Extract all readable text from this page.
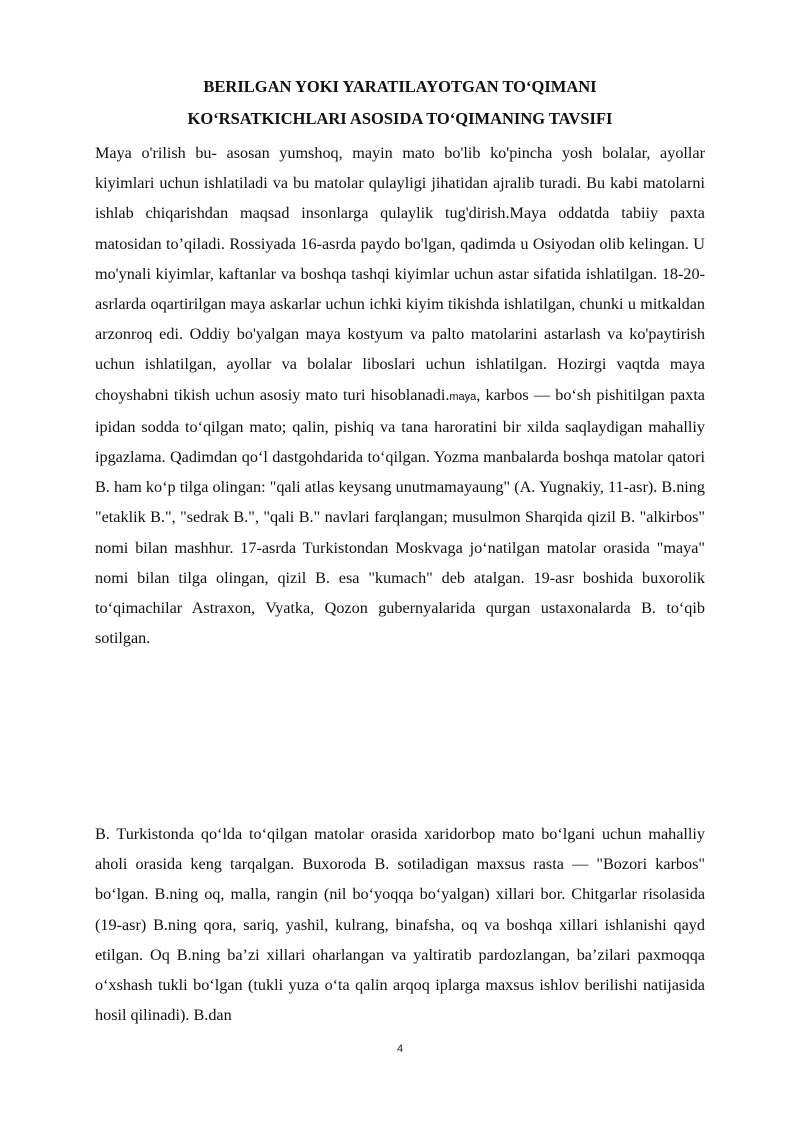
BERILGAN YOKI YARATILAYOTGAN TO‘QIMANI
KO‘RSATKICHLARI ASOSIDA TO‘QIMANING TAVSIFI

Maya o'rilish bu- asosan yumshoq, mayin mato bo'lib ko'pincha yosh bolalar, ayollar kiyimlari uchun ishlatiladi va bu matolar qulayligi jihatidan ajralib turadi. Bu kabi matolarni ishlab chiqarishdan maqsad insonlarga qulaylik tug'dirish.Maya oddatda tabiiy paxta matosidan to’qiladi. Rossiyada 16-asrda paydo bo'lgan, qadimda u Osiyodan olib kelingan. U mo'ynali kiyimlar, kaftanlar va boshqa tashqi kiyimlar uchun astar sifatida ishlatilgan. 18-20-asrlarda oqartirilgan maya askarlar uchun ichki kiyim tikishda ishlatilgan, chunki u mitkaldan arzonroq edi. Oddiy bo'yalgan maya kostyum va palto matolarini astarlash va ko'paytirish uchun ishlatilgan, ayollar va bolalar liboslari uchun ishlatilgan. Hozirgi vaqtda maya choyshabni tikish uchun asosiy mato turi hisoblanadi.maya, karbos — bo‘sh pishitilgan paxta ipidan sodda to‘qilgan mato; qalin, pishiq va tana haroratini bir xilda saqlaydigan mahalliy ipgazlama. Qadimdan qo‘l dastgohdarida to‘qilgan. Yozma manbalarda boshqa matolar qatori B. ham ko‘p tilga olingan: "qali atlas keysang unutmamayaung" (A. Yugnakiy, 11-asr). B.ning "etaklik B.", "sedrak B.", "qali B." navlari farqlangan; musulmon Sharqida qizil B. "alkirbos" nomi bilan mashhur. 17-asrda Turkistondan Moskvaga jo‘natilgan matolar orasida "maya" nomi bilan tilga olingan, qizil B. esa "kumach" deb atalgan. 19-asr boshida buxorolik to‘qimachilar Astraxon, Vyatka, Qozon gubernyalarida qurgan ustaxonalarda B. to‘qib sotilgan.

B. Turkistonda qo‘lda to‘qilgan matolar orasida xaridorbop mato bo‘lgani uchun mahalliy aholi orasida keng tarqalgan. Buxoroda B. sotiladigan maxsus rasta — "Bozori karbos" bo‘lgan. B.ning oq, malla, rangin (nil bo‘yoqqa bo‘yalgan) xillari bor. Chitgarlar risolasida (19-asr) B.ning qora, sariq, yashil, kulrang, binafsha, oq va boshqa xillari ishlanishi qayd etilgan. Oq B.ning ba’zi xillari oharlangan va yaltiratib pardozlangan, ba’zilari paxmoqqa o‘xshash tukli bo‘lgan (tukli yuza o‘ta qalin arqoq iplarga maxsus ishlov berilishi natijasida hosil qilinadi). B.dan

4
